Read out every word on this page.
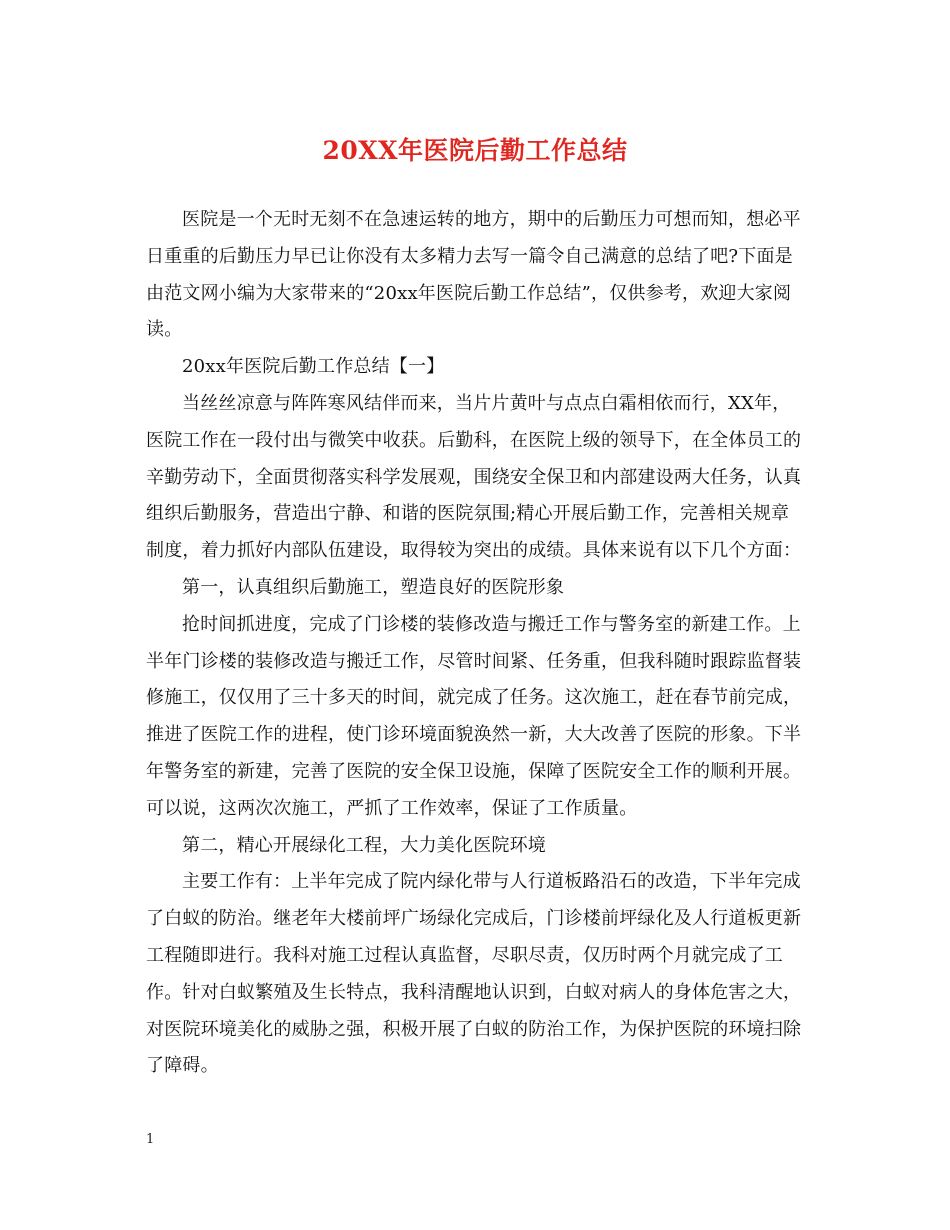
20XX年医院后勤工作总结

医院是一个无时无刻不在急速运转的地方，期中的后勤压力可想而知，想必平日重重的后勤压力早已让你没有太多精力去写一篇令自己满意的总结了吧?下面是由范文网小编为大家带来的“20xx年医院后勤工作总结”，仅供参考，欢迎大家阅读。

20xx年医院后勤工作总结【一】

当丝丝凉意与阵阵寒风结伴而来，当片片黄叶与点点白霜相依而行，XX年，医院工作在一段付出与微笑中收获。后勤科，在医院上级的领导下，在全体员工的辛勤劳动下，全面贯彻落实科学发展观，围绕安全保卫和内部建设两大任务，认真组织后勤服务，营造出宁静、和谐的医院氛围;精心开展后勤工作，完善相关规章制度，着力抓好内部队伍建设，取得较为突出的成绩。具体来说有以下几个方面：

第一，认真组织后勤施工，塑造良好的医院形象

抢时间抓进度，完成了门诊楼的装修改造与搬迁工作与警务室的新建工作。上半年门诊楼的装修改造与搬迁工作，尽管时间紧、任务重，但我科随时跟踪监督装修施工，仅仅用了三十多天的时间，就完成了任务。这次施工，赶在春节前完成，推进了医院工作的进程，使门诊环境面貌涣然一新，大大改善了医院的形象。下半年警务室的新建，完善了医院的安全保卫设施，保障了医院安全工作的顺利开展。可以说，这两次次施工，严抓了工作效率，保证了工作质量。

第二，精心开展绿化工程，大力美化医院环境

主要工作有：上半年完成了院内绿化带与人行道板路沿石的改造，下半年完成了白蚁的防治。继老年大楼前坪广场绿化完成后，门诊楼前坪绿化及人行道板更新工程随即进行。我科对施工过程认真监督，尽职尽责，仅历时两个月就完成了工作。针对白蚁繁殖及生长特点，我科清醒地认识到，白蚁对病人的身体危害之大，对医院环境美化的威胁之强，积极开展了白蚁的防治工作，为保护医院的环境扫除了障碍。

1
